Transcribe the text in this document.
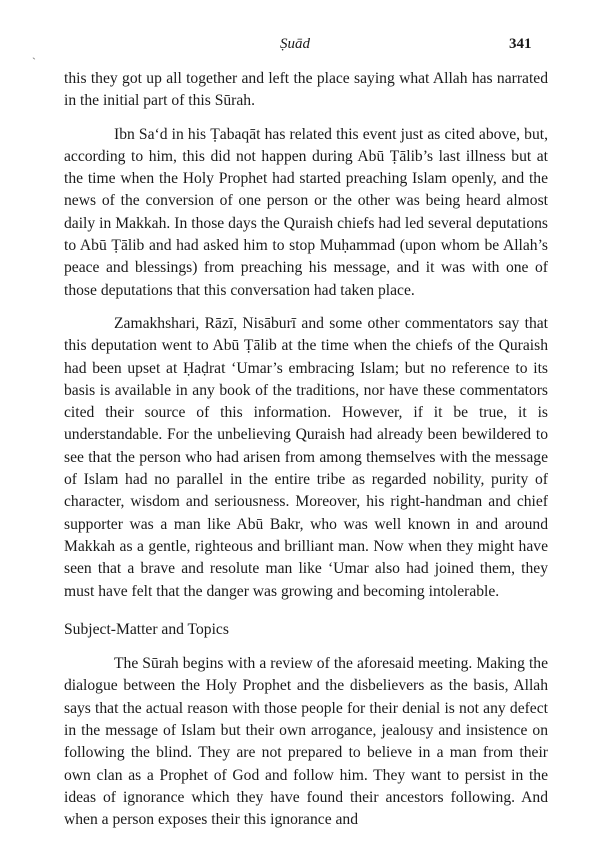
Ṣuād	341
ˏ

this they got up all together and left the place saying what Allah has narrated in the initial part of this Sūrah.

Ibn Sa‘d in his Ṭabaqāt has related this event just as cited above, but, according to him, this did not happen during Abū Ṭālib’s last illness but at the time when the Holy Prophet had started preaching Islam openly, and the news of the conversion of one person or the other was being heard almost daily in Makkah. In those days the Quraish chiefs had led several deputations to Abū Ṭālib and had asked him to stop Muḥammad (upon whom be Allah’s peace and blessings) from preaching his message, and it was with one of those deputations that this conversation had taken place.

Zamakhshari, Rāzī, Nisāburī and some other commentators say that this deputation went to Abū Ṭālib at the time when the chiefs of the Quraish had been upset at Ḥaḍrat ‘Umar’s embracing Islam; but no reference to its basis is available in any book of the traditions, nor have these commentators cited their source of this information. However, if it be true, it is understandable. For the unbelieving Quraish had already been bewildered to see that the person who had arisen from among themselves with the message of Islam had no parallel in the entire tribe as regarded nobility, purity of character, wisdom and seriousness. Moreover, his right-handman and chief supporter was a man like Abū Bakr, who was well known in and around Makkah as a gentle, righteous and brilliant man. Now when they might have seen that a brave and resolute man like ‘Umar also had joined them, they must have felt that the danger was growing and becoming intolerable.

Subject-Matter and Topics

The Sūrah begins with a review of the aforesaid meeting. Making the dialogue between the Holy Prophet and the disbelievers as the basis, Allah says that the actual reason with those people for their denial is not any defect in the message of Islam but their own arrogance, jealousy and insistence on following the blind. They are not prepared to believe in a man from their own clan as a Prophet of God and follow him. They want to persist in the ideas of ignorance which they have found their ancestors following. And when a person exposes their this ignorance and
